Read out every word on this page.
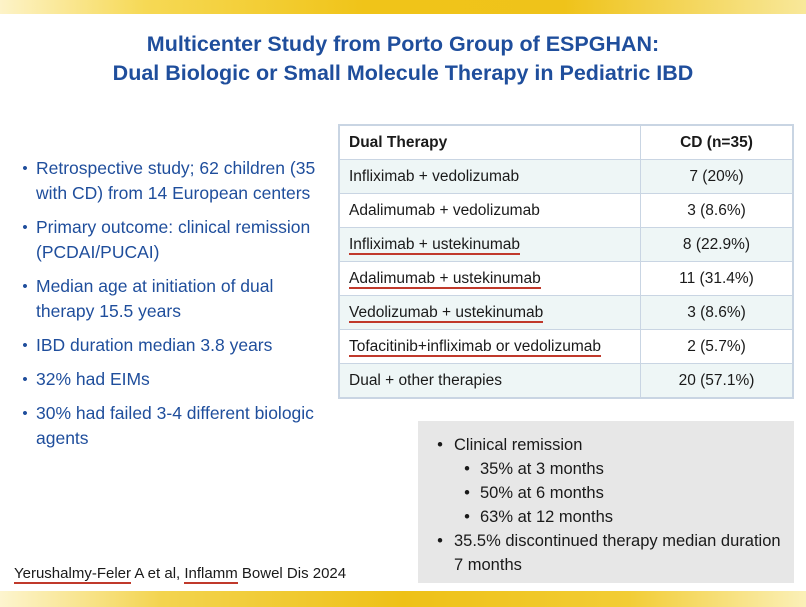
Multicenter Study from Porto Group of ESPGHAN:
Dual Biologic or Small Molecule Therapy in Pediatric IBD
• Retrospective study; 62 children (35 with CD) from 14 European centers
• Primary outcome: clinical remission (PCDAI/PUCAI)
• Median age at initiation of dual therapy 15.5 years
• IBD duration median 3.8 years
• 32% had EIMs
• 30% had failed 3-4 different biologic agents
Dual Therapy	CD (n=35)
Infliximab + vedolizumab	7 (20%)
Adalimumab + vedolizumab	3 (8.6%)
Infliximab + ustekinumab	8 (22.9%)
Adalimumab + ustekinumab	11 (31.4%)
Vedolizumab + ustekinumab	3 (8.6%)
Tofacitinib+infliximab or vedolizumab	2 (5.7%)
Dual + other therapies	20 (57.1%)
• Clinical remission
• 35% at 3 months
• 50% at 6 months
• 63% at 12 months
• 35.5% discontinued therapy median duration 7 months
Yerushalmy-Feler A et al, Inflamm Bowel Dis 2024
